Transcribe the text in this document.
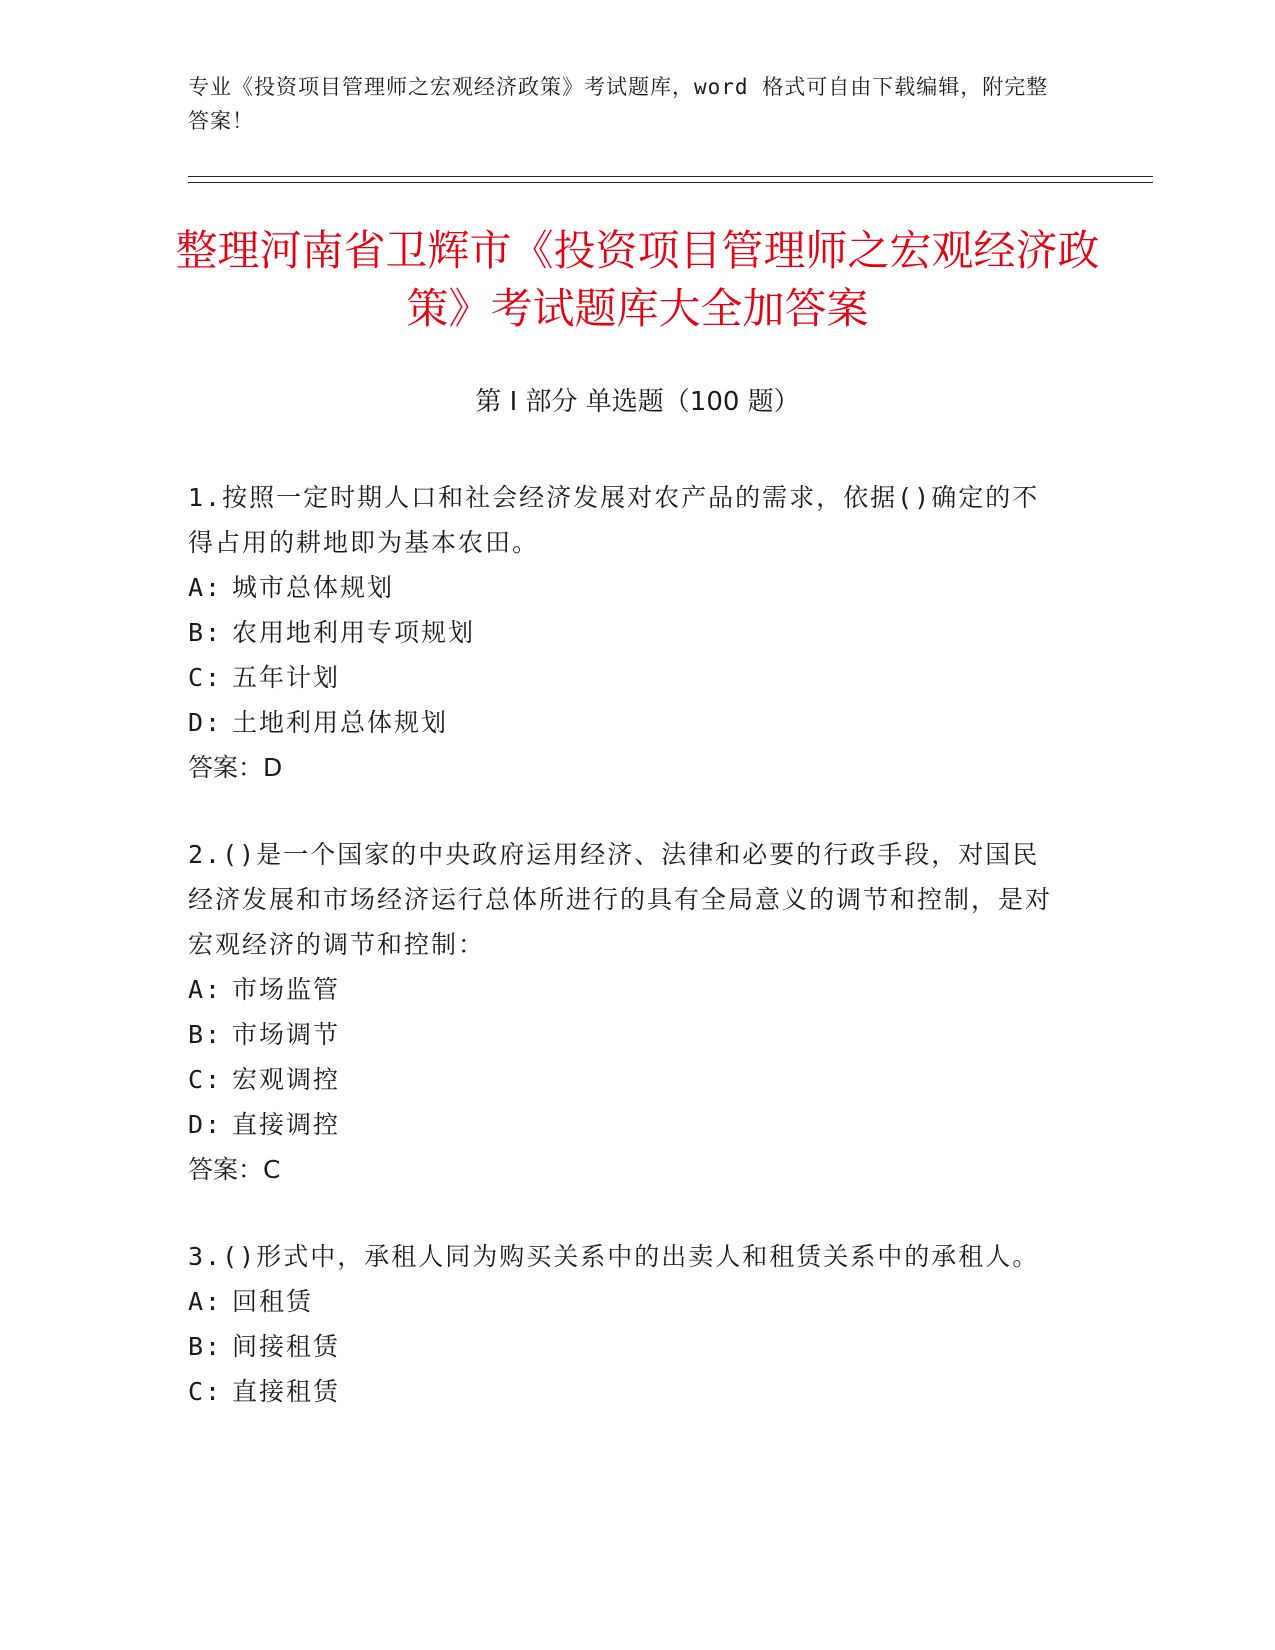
专业《投资项目管理师之宏观经济政策》考试题库，word 格式可自由下载编辑，附完整答案！
整理河南省卫辉市《投资项目管理师之宏观经济政策》考试题库大全加答案
第 I 部分 单选题（100 题）
1.按照一定时期人口和社会经济发展对农产品的需求，依据()确定的不得占用的耕地即为基本农田。
A: 城市总体规划
B: 农用地利用专项规划
C: 五年计划
D: 土地利用总体规划
答案：D
2.()是一个国家的中央政府运用经济、法律和必要的行政手段，对国民经济发展和市场经济运行总体所进行的具有全局意义的调节和控制，是对宏观经济的调节和控制：
A: 市场监管
B: 市场调节
C: 宏观调控
D: 直接调控
答案：C
3.()形式中，承租人同为购买关系中的出卖人和租赁关系中的承租人。
A: 回租赁
B: 间接租赁
C: 直接租赁
